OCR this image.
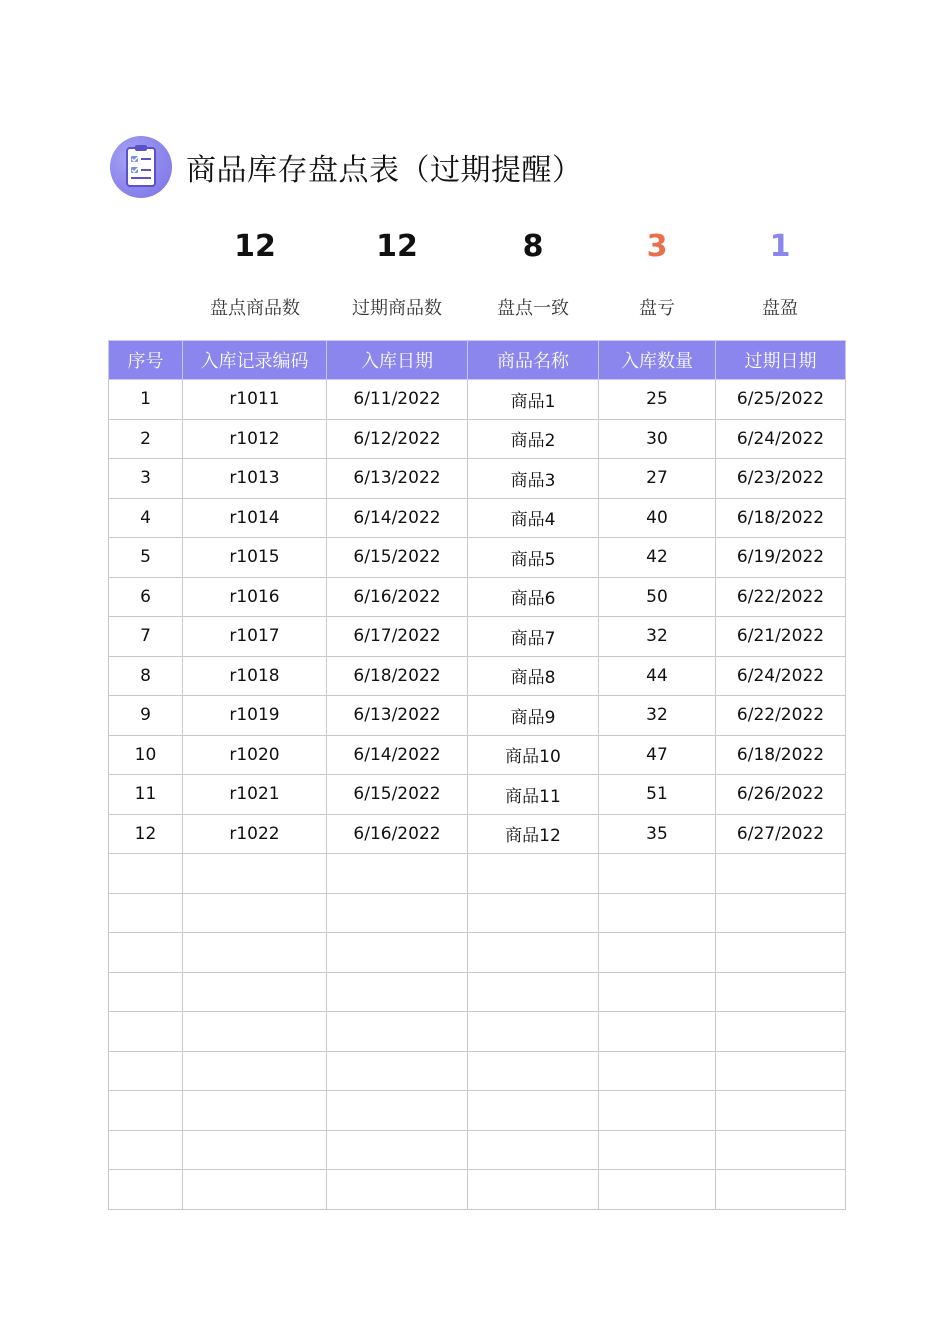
商品库存盘点表（过期提醒）
12
盘点商品数
12
过期商品数
8
盘点一致
3
盘亏
1
盘盈
序号	入库记录编码	入库日期	商品名称	入库数量	过期日期
1	r1011	6/11/2022	商品1	25	6/25/2022
2	r1012	6/12/2022	商品2	30	6/24/2022
3	r1013	6/13/2022	商品3	27	6/23/2022
4	r1014	6/14/2022	商品4	40	6/18/2022
5	r1015	6/15/2022	商品5	42	6/19/2022
6	r1016	6/16/2022	商品6	50	6/22/2022
7	r1017	6/17/2022	商品7	32	6/21/2022
8	r1018	6/18/2022	商品8	44	6/24/2022
9	r1019	6/13/2022	商品9	32	6/22/2022
10	r1020	6/14/2022	商品10	47	6/18/2022
11	r1021	6/15/2022	商品11	51	6/26/2022
12	r1022	6/16/2022	商品12	35	6/27/2022
